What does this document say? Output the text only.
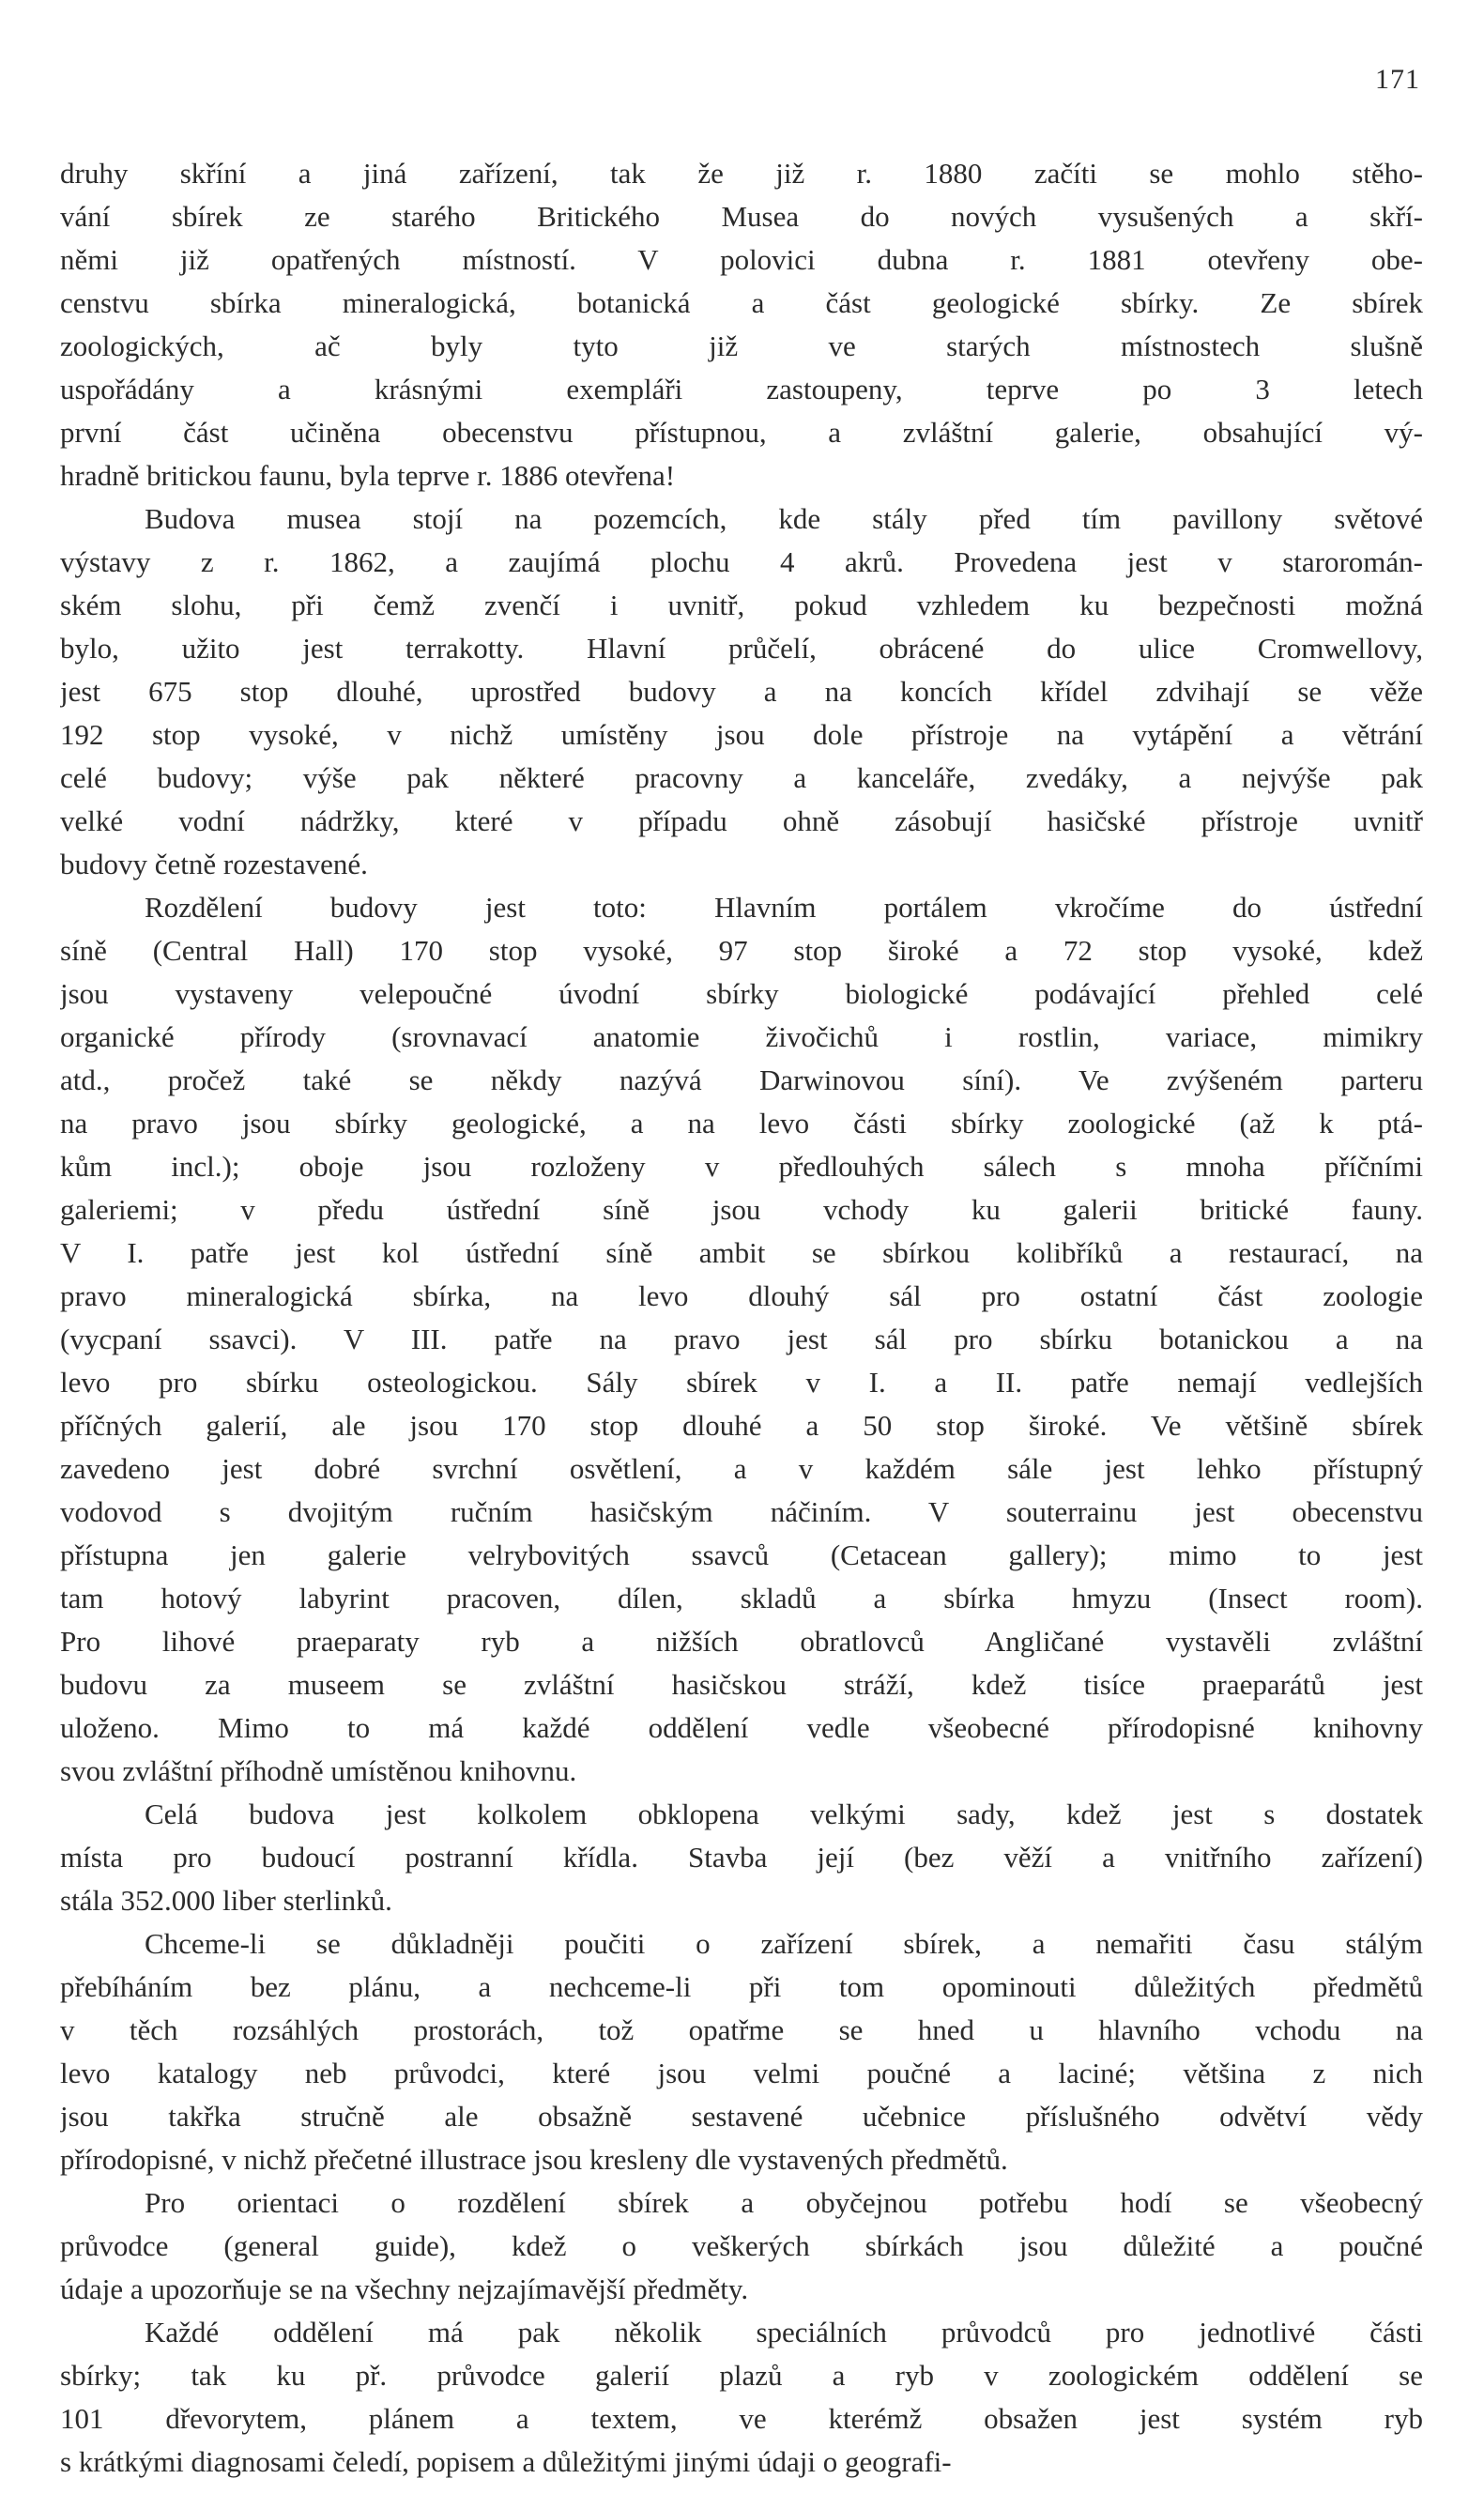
171
druhy skříní a jiná zařízení, tak že již r. 1880 začíti se mohlo stěho-
vání sbírek ze starého Britického Musea do nových vysušených a skří-
němi již opatřených místností. V polovici dubna r. 1881 otevřeny obe-
censtvu sbírka mineralogická, botanická a část geologické sbírky. Ze sbírek
zoologických, ač byly tyto již ve starých místnostech slušně
uspořádány a krásnými exempláři zastoupeny, teprve po 3 letech
první část učiněna obecenstvu přístupnou, a zvláštní galerie, obsahující vý-
hradně britickou faunu, byla teprve r. 1886 otevřena!
Budova musea stojí na pozemcích, kde stály před tím pavillony světové
výstavy z r. 1862, a zaujímá plochu 4 akrů. Provedena jest v staroromán-
ském slohu, při čemž zvenčí i uvnitř, pokud vzhledem ku bezpečnosti možná
bylo, užito jest terrakotty. Hlavní průčelí, obrácené do ulice Cromwellovy,
jest 675 stop dlouhé, uprostřed budovy a na koncích křídel zdvihají se věže
192 stop vysoké, v nichž umístěny jsou dole přístroje na vytápění a větrání
celé budovy; výše pak některé pracovny a kanceláře, zvedáky, a nejvýše pak
velké vodní nádržky, které v případu ohně zásobují hasičské přístroje uvnitř
budovy četně rozestavené.
Rozdělení budovy jest toto: Hlavním portálem vkročíme do ústřední
síně (Central Hall) 170 stop vysoké, 97 stop široké a 72 stop vysoké, kdež
jsou vystaveny velepoučné úvodní sbírky biologické podávající přehled celé
organické přírody (srovnavací anatomie živočichů i rostlin, variace, mimikry
atd., pročež také se někdy nazývá Darwinovou síní). Ve zvýšeném parteru
na pravo jsou sbírky geologické, a na levo části sbírky zoologické (až k ptá-
kům incl.); oboje jsou rozloženy v předlouhých sálech s mnoha příčními
galeriemi; v předu ústřední síně jsou vchody ku galerii britické fauny.
V I. patře jest kol ústřední síně ambit se sbírkou kolibříků a restaurací, na
pravo mineralogická sbírka, na levo dlouhý sál pro ostatní část zoologie
(vycpaní ssavci). V III. patře na pravo jest sál pro sbírku botanickou a na
levo pro sbírku osteologickou. Sály sbírek v I. a II. patře nemají vedlejších
příčných galerií, ale jsou 170 stop dlouhé a 50 stop široké. Ve většině sbírek
zavedeno jest dobré svrchní osvětlení, a v každém sále jest lehko přístupný
vodovod s dvojitým ručním hasičským náčiním. V souterrainu jest obecenstvu
přístupna jen galerie velrybovitých ssavců (Cetacean gallery); mimo to jest
tam hotový labyrint pracoven, dílen, skladů a sbírka hmyzu (Insect room).
Pro lihové praeparaty ryb a nižších obratlovců Angličané vystavěli zvláštní
budovu za museem se zvláštní hasičskou stráží, kdež tisíce praeparátů jest
uloženo. Mimo to má každé oddělení vedle všeobecné přírodopisné knihovny
svou zvláštní příhodně umístěnou knihovnu.
Celá budova jest kolkolem obklopena velkými sady, kdež jest s dostatek
místa pro budoucí postranní křídla. Stavba její (bez věží a vnitřního zařízení)
stála 352.000 liber sterlinků.
Chceme-li se důkladněji poučiti o zařízení sbírek, a nemařiti času stálým
přebíháním bez plánu, a nechceme-li při tom opominouti důležitých předmětů
v těch rozsáhlých prostorách, tož opatřme se hned u hlavního vchodu na
levo katalogy neb průvodci, které jsou velmi poučné a laciné; většina z nich
jsou takřka stručně ale obsažně sestavené učebnice příslušného odvětví vědy
přírodopisné, v nichž přečetné illustrace jsou kresleny dle vystavených předmětů.
Pro orientaci o rozdělení sbírek a obyčejnou potřebu hodí se všeobecný
průvodce (general guide), kdež o veškerých sbírkách jsou důležité a poučné
údaje a upozorňuje se na všechny nejzajímavější předměty.
Každé oddělení má pak několik speciálních průvodců pro jednotlivé části
sbírky; tak ku př. průvodce galerií plazů a ryb v zoologickém oddělení se
101 dřevorytem, plánem a textem, ve kterémž obsažen jest systém ryb
s krátkými diagnosami čeledí, popisem a důležitými jinými údaji o geografi-
